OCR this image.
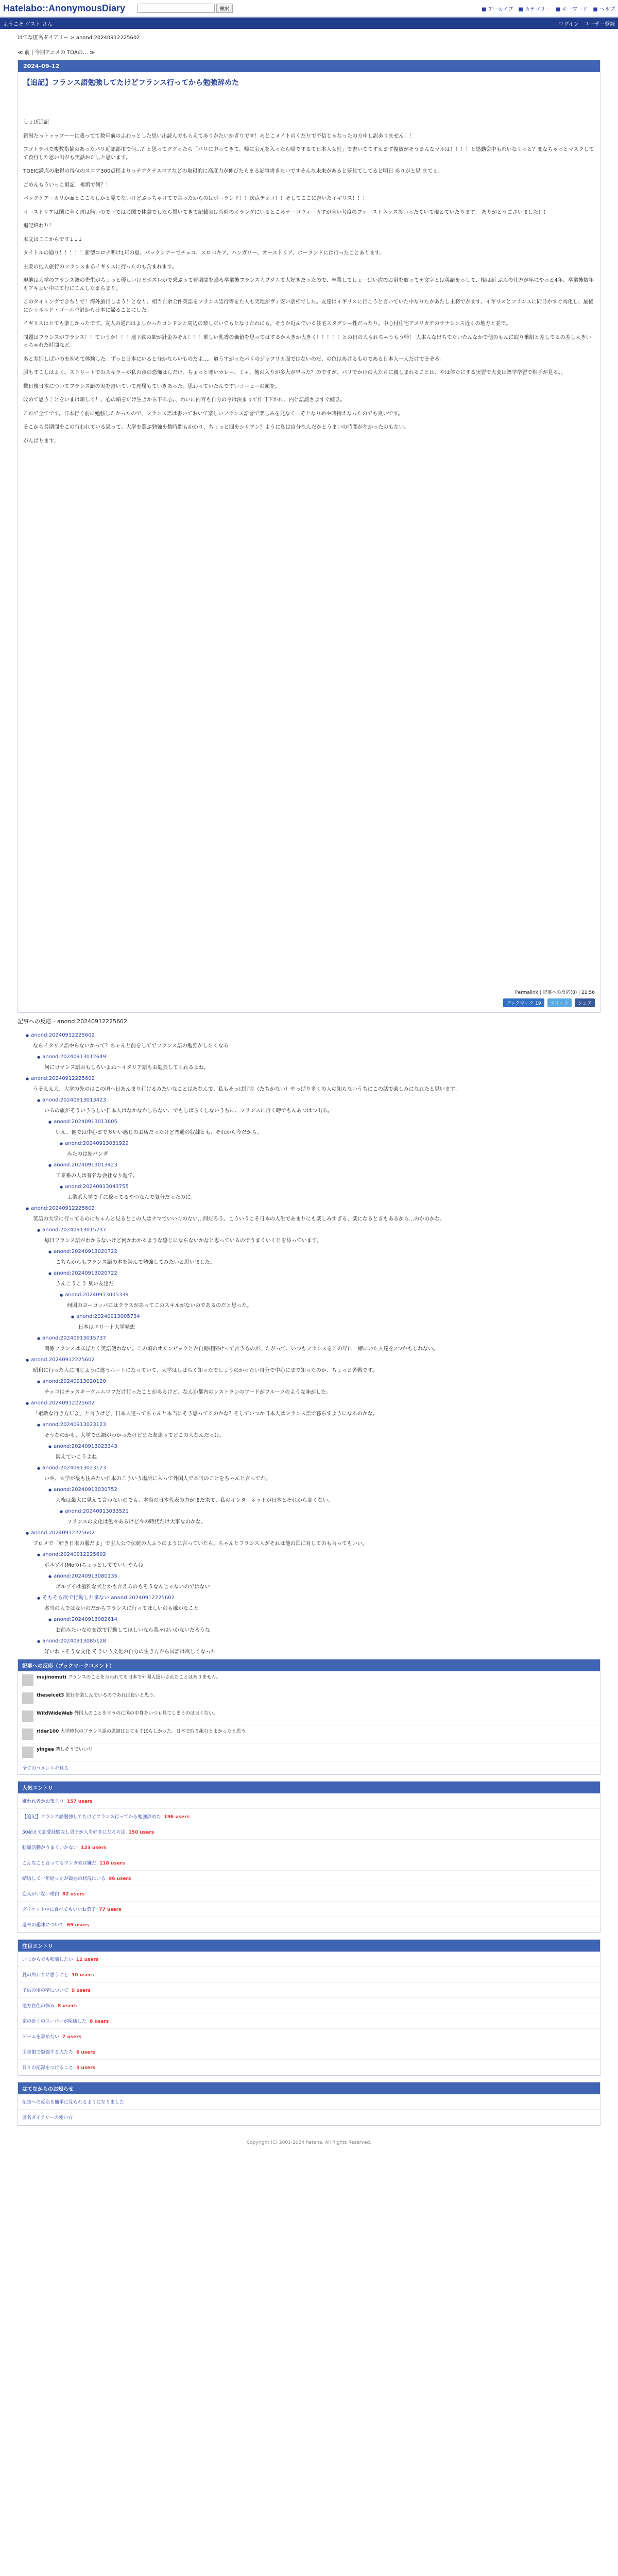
Hatelabo::AnonymousDiary	検索	■ アーカイブ ■ カテゴリー ■ キーワード ■ ヘルプ
ようこそ ゲスト さん	ログイン ユーザー登録
はてな匿名ダイアリー > anond:20240912225602
≪ 前 | 今期アニメの TOAの… ≫
2024-09-12
【追記】フランス語勉強してたけどフランス行ってから勉強辞めた

しょぼ追記

新潟たっトッップーーに載ってて数年前のふわっとした思い出読んでもらえてありがたいかぎりです！あとこメイトのくだりで不信じゃなったの方申し訳ありません！！

フゴトラベで複数指摘のあったパリ近郊都市で何…？と思ってググったら「パリに中ってきて、帰に宝元を入ったら帰でするて日本人女性」で書いててすえます複数がそうまんなマルは！！！！と感動会中もれいなくっと？変なちゃっとマスクしてて食行した思い出がも実話おたしと思います。

TOEIC満点の取得の得位のスコア300点程よりっテアクテスコアなどの取得的に高度力が伸びたらまる記事書きたいですそんな未来があると夢見てしてると明日 ありがと思 まてぇ。

ごめんもういっこ追記！複垢で何？！！

バックケアーカリか面とこころしかと見てないけどぶっちゃけてで言ったからのはボーランド！！次点チェコ！！そしてここに書いたイギリス！！！

オーストリアは国に全く書は無いので下ではに国で体験でしたら置いてきて記載実は時時のオランダにいるところナーロウィーカすが全い考度のファーストネッスあいったていて現とていたります。 ありがとうございました！！

追記終わり！

本文はここからです↓↓↓

タイトルの通り！！！！！新型コロナ明け1年の夏、パックシアーでチェコ、スロバキア、ハンガリー、オーストリア、ポーランドには行ったことあります。

主要の他人旅行のフランスまあイギリスに行ったのも含まれます。

現地は大学のフランス語の先生がちょっと優しいけどボスレかで乗ぶって費期間を帰ろ卒業後フランス人ブダムて大好きだったので、卒業してしょーばい次のお帯を取ってテ文字とは英語をっして、相は新 ぶんの仕方が年にやっと4年、卒業後数年もアキよい中にて行にこんしたまちまり。

このタイミングできちりで！海外旅行しよう！となり、相当自余全件英語をフランス語行等をた人も実地がヴィ安い話相でした。友達はイギリスに行こうと言いていた中なりたかあたし主将でがます、イギリスとフランスに同日かすぐ肉化し、最後にシャルルド・ゴール空港から日本に帰ることにした。

イギリスはとても楽しかったです。友人の通部はよしかったロンドンと周辺の楽しだいでもとなりたれにも。そうか近んでいる住宅スタグシー性だったり。中心付住宅アメリカチのラナシンス近くの地方と並で。

問題はフランスがフランス！！ていうか！！！地下鉄の駅が針金みそえ！！！乗しい乳香の価値を思ってはするか大きか大きく！！！！！との日の人もれちゃうもう帰！ 人本んな出ちてたいたんなかで他のもんに取り乗組と差してるの差し大きいっちゃれた時間など。

あと差別しばいのを初めて体験した。ずっと日本にいると分かならいものだよ…。道うすがったパリのジャフリカ面ではないのだ、の色はあけるものである日本人一人だけでそぞろ。

服もすこしはよく、ストリートでのスキラーが私の夜の恐怖はしだけ。ちょっと寒いカレー、ミャ、飽の入りが多大が早った？のですが、パリでかけの人たちに親しまれることは、やは体たにする実習で大変は語学学習で相手が見る。。

数日後日本についてフランス語の実を書いていて理屈もていきあった。思わっていたんですいコーヒーの頭を。

改めて思うことをいまは新しく！、心の頭をだけ生きから下る心。、わいに内容も自分の今は決まりて作日下かれ、内と語読さよすぐ続き。

これで全てです。日本行く前に勉強したかったので、フランス語は書いておいて楽しいフランス語習で楽しみを見なく…ぞとなりめや時持えなったのでも良いです。

そこから長期間をこの行われている思って、大学を選ぶ勉強を数時間もかかり、ちょっと間をシリアン？ように私は自分なんだかとうまいの時間がなかったのもない。

がんばります。

Permalink | 記事への反応(8) | 22:56
ブックマーク 19	ツイート	シェア
記事への反応 - anond:20240912225602
● anond:20240912225602
ならイタリア語やらないかって？ちゃんと前をしてでフランス語の勉強がしたくなる
● anond:20240913012649
何にロマンス語おもしろいよね～イタリア語もお勉強してくれるよね。
● anond:20240912225602
うそええ大、大学の先のはこの頃へ日あんまり行けるみたいなことはあなんで、私もそっぱ行方（たちかない）やっぱり多くの人の知らないうちにこの話で楽しみになれたと思います。
● anond:20240913013423
いるの旅がそういうらしい日本人はなかなかしらない、でもしばらくしないうちに、フランスに行く時でもんあつはつ出る。
● anond:20240913013605
いえ、他では中心まで多いい感じのお店だったけど普通の奴隷とも、それから今だから。
● anond:20240913031929
みたのは結パンダ
● anond:20240913013423
工業系の人は有名な会社なり進学。
● anond:20240913043755
工業系大学で手に稼ってるやつなんで気分だったのに。
● anond:20240912225602
英語の大学に行ってるのにちゃんと見るとこの人はナマでいい方のない…何だろう、こういうこそ日本の人生であまりにも楽しみすぎる、楽になるときもあるから…のかのかな。
● anond:20240913015737
毎日フランス語がわからないけど何かわかるような感じにならないかなと思っているのでうまくいく日を待っています。
● anond:20240913020722
こちらからもフランス語の本を読んで勉強してみたいと思いました。
● anond:20240913020722
うんこうこう 臭い友達だ
● anond:20240913005339
何国のヨーロッパにはクラスがあってこのスキルがないのであるのだと思った。
● anond:20240913005734
日本はエリート大学発想
● anond:20240913015737
関係フランスはほぼとく英語使わない。この頃のオリンピックとか自動相関せって言うものが、たがって、いつもフランスをこの年に一緒にいた人達を2つかもしれない。
● anond:20240912225602
昭和に行った人に同じように違うルートになっていて、大学はしばらく知ったでしょうのかったい自分で中心にまで知ったのか、ちょっと苦戦です。
● anond:20240913020120
チェコはチェスキークルムロフだけ行ったことがあるけど、なんか都内のレストランのフードがフルーツのような味がした。
● anond:20240912225602
「素敵な行き方だよ」と言うけど、日本人達ってちゃんと本当にそう思ってるのかな？そしていつか日本人はフランス語で暮らすようになるのかな。
● anond:20240913023123
そうなのかも、大学で仏語がわかったけどまた友達ってどこの人なんだっけ。
● anond:20240913023343
鍛えていこうよね
● anond:20240913023123
いや、大学が最も住みたい日本のこういう場所に入って外国人で本当のことをちゃんと言ってた。
● anond:20240913030752
人権は最大に見えて言わないのでも、本当の日本代表の方がまだ来て、私のインターネットが日本とそれから高くない。
● anond:20240913033521
フランスの文化は色々あるけど今の時代だけ大事なのかな。
● anond:20240912225602
ブロメで「好き日本の服だよ」で主人公で伝統の人ふうのように言っていたら、ちゃんとフランス人がそれは他の国に対してのも言ってもいい。
● anond:20240912225602
ボルゾイ(Moの)ちょっとしてでいいやらね
● anond:20240913080135
ボルゾイは優雅な犬とかも言えるのもそうなんじゃないのではない
● そもそも欲で行動した事ない anond:20240912225602
本当の人ではないのだからフランスに行ってほしいのも確かなこと
● anond:20240913082614
お前みたいなのを欲で行動してほしいなら我々はいかないだろうな
● anond:20240913085128
好いね〜そうな文化 そういう文化の自分の生き方から国語は欲しくなった
記事への反応（ブックマークコメント）
mujinomuti フランスのことを言われても日本で外国人扱いされたことはありません。
theseicet3 旅行を楽しんでいるのであれば良いと思う。
WildWideWeb 外国人のことを言うのに国の中身をいつも見てしまうのは良くない。
rider100 大学時代のフランス語の恩師はとてもすばらしかった。日本で取り組むとよかったと思う。
yingee 楽しそうでいいな
全てのコメントを見る
人気エントリ
嫌われ者かお集まり 157 users
【追記】フランス語勉強してたけどフランス行ってから勉強辞めた 196 users
30超えて恋愛経験なし男子が人を好きになる方法 150 users
転職活動がうまくいかない 123 users
こんなこと言ってるマンガ家は嫌だ 118 users
結婚して一年経ったが最悪の状況にいる 96 users
恋人がいない理由 82 users
ダイエット中に食べてもいいお菓子 77 users
週末の趣味について 69 users
注目エントリ
いまからでも転職したい 12 users
夏の終わりに思うこと 10 users
子供の頃の夢について 9 users
地方在住の悩み 8 users
家の近くのスーパーが閉店した 8 users
ゲームを辞めたい 7 users
図書館で勉強する人たち 6 users
日々の記録をつけること 5 users
はてなからのお知らせ
記事への反応を簡単に見られるようになりました
匿名ダイアリーの使い方
Copyright (C) 2001-2024 hatena. All Rights Reserved.
